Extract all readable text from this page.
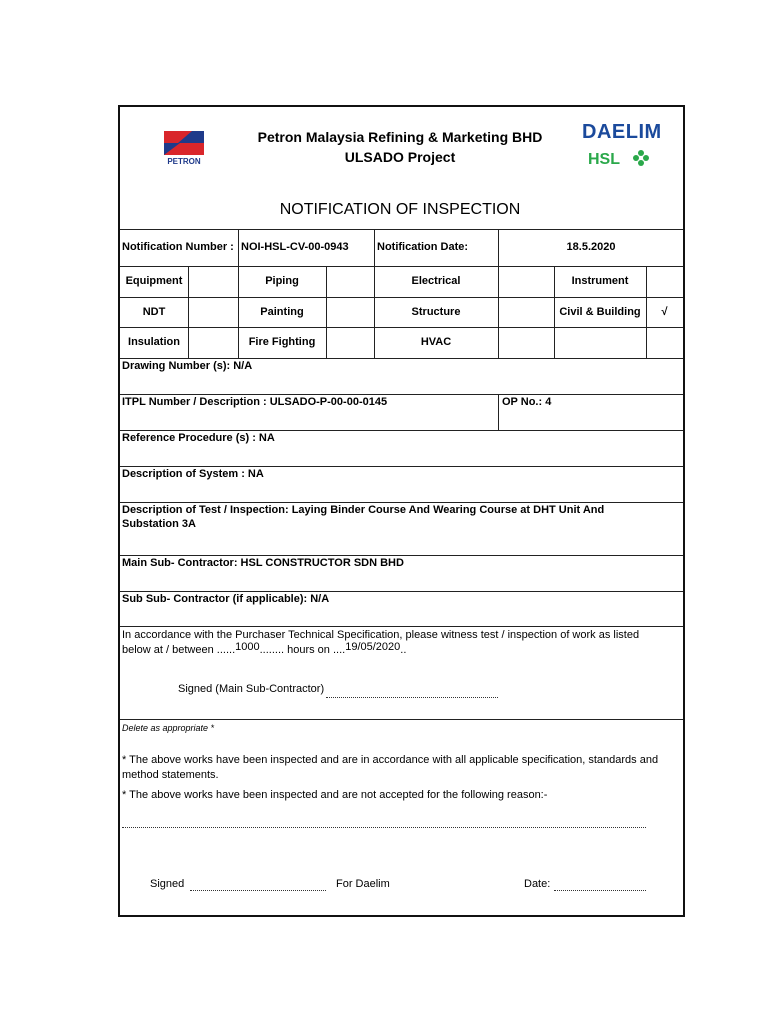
PETRON
Petron Malaysia Refining & Marketing BHD
ULSADO Project
DAELIM
HSL
NOTIFICATION OF INSPECTION
Notification Number : NOI-HSL-CV-00-0943	Notification Date:	18.5.2020
Equipment	Piping	Electrical	Instrument
NDT	Painting	Structure	Civil & Building	√
Insulation	Fire Fighting	HVAC
Drawing Number (s): N/A
ITPL Number / Description : ULSADO-P-00-00-0145	OP No.: 4
Reference Procedure (s) : NA
Description of System : NA
Description of Test / Inspection: Laying Binder Course And Wearing Course at DHT Unit And
Substation 3A
Main Sub- Contractor: HSL CONSTRUCTOR SDN BHD
Sub Sub- Contractor (if applicable): N/A
In accordance with the Purchaser Technical Specification, please witness test / inspection of work as listed
below at / between ......1000........ hours on ....19/05/2020..
Signed (Main Sub-Contractor)
Delete as appropriate *
* The above works have been inspected and are in accordance with all applicable specification, standards and
method statements.
* The above works have been inspected and are not accepted for the following reason:-
Signed	For Daelim	Date:
